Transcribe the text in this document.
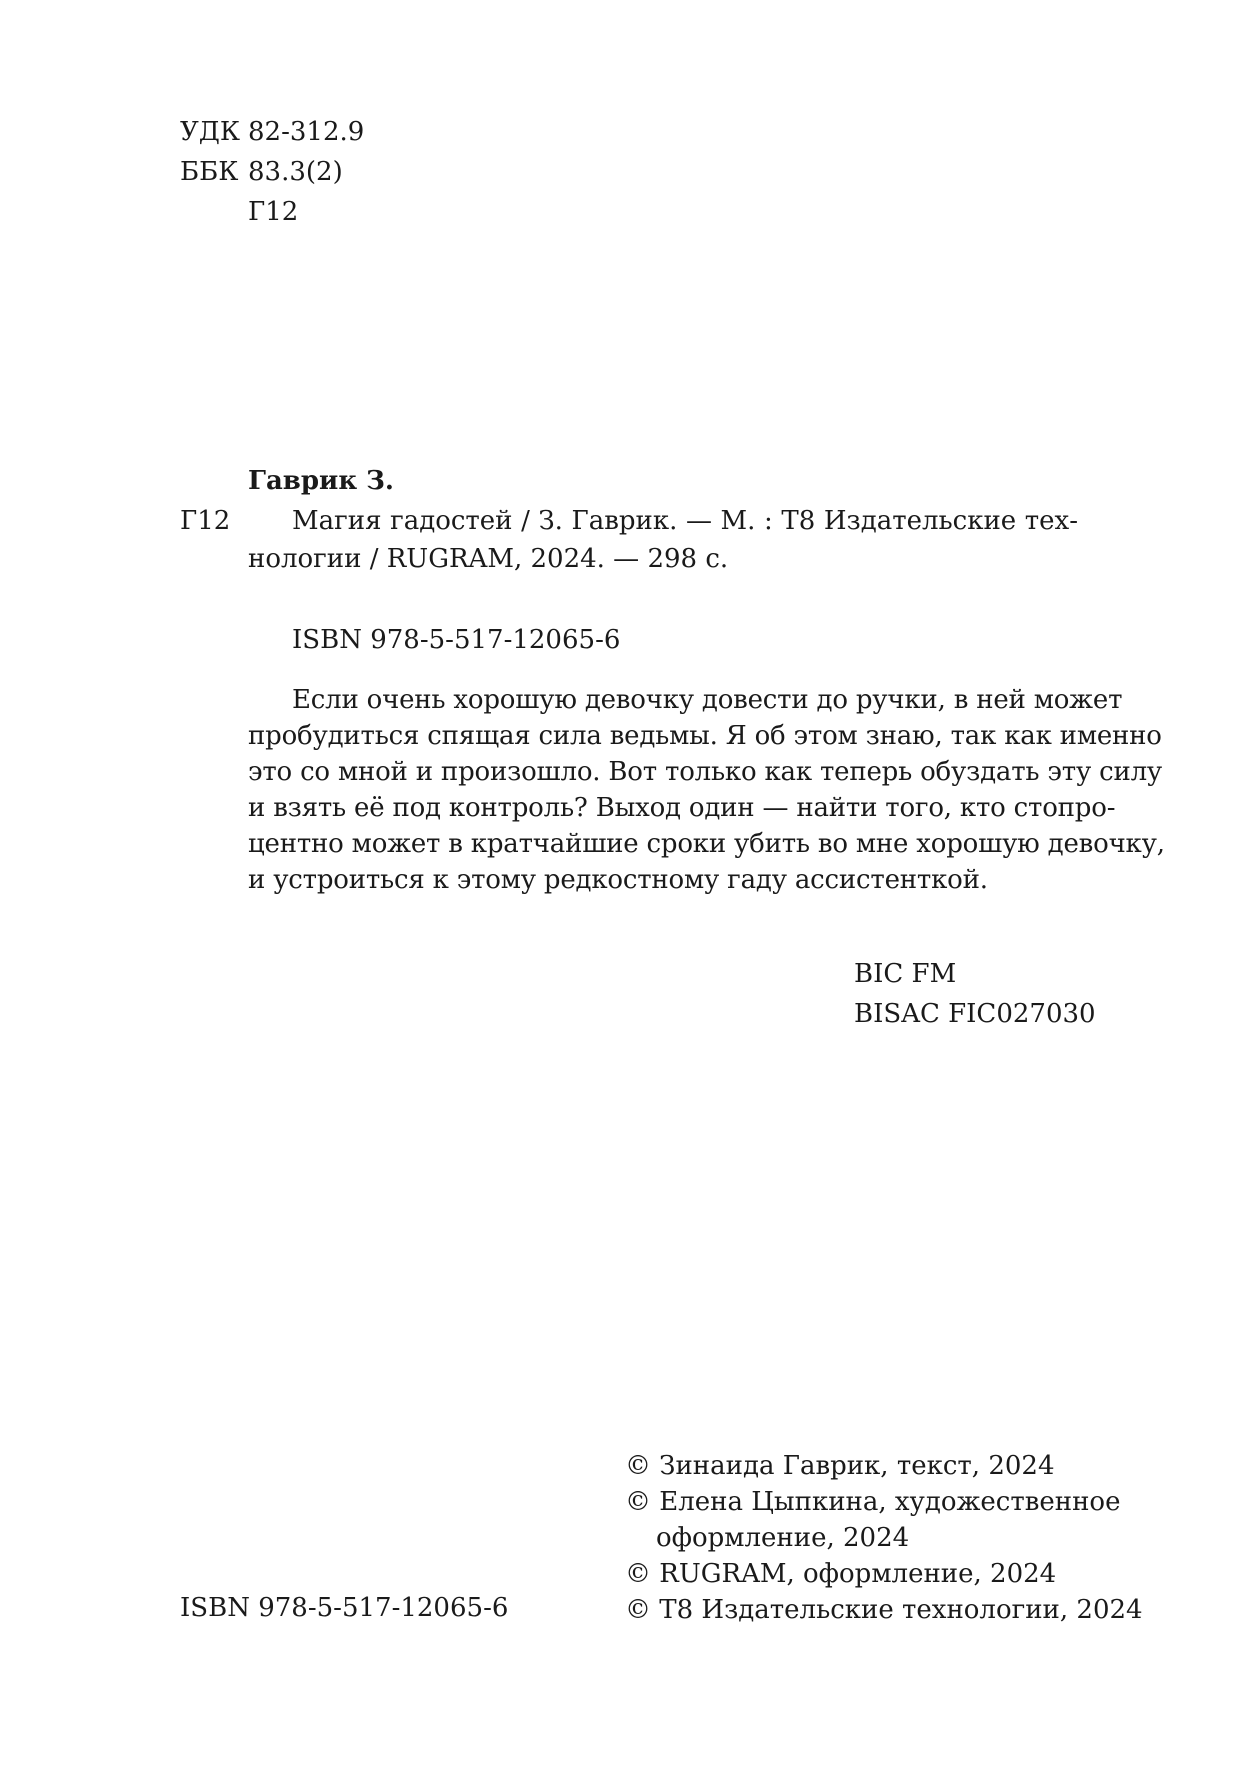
УДК 82-312.9
ББК 83.3(2)
Г12
Гаврик З.
Г12 Магия гадостей / З. Гаврик. — М. : Т8 Издательские тех-
нологии / RUGRAM, 2024. — 298 с.
ISBN 978-5-517-12065-6
Если очень хорошую девочку довести до ручки, в ней может
пробудиться спящая сила ведьмы. Я об этом знаю, так как именно
это со мной и произошло. Вот только как теперь обуздать эту силу
и взять её под контроль? Выход один — найти того, кто стопро-
центно может в кратчайшие сроки убить во мне хорошую девочку,
и устроиться к этому редкостному гаду ассистенткой.
BIC FM
BISAC FIC027030
ISBN 978-5-517-12065-6
© Зинаида Гаврик, текст, 2024
© Елена Цыпкина, художественное
оформление, 2024
© RUGRAM, оформление, 2024
© Т8 Издательские технологии, 2024
